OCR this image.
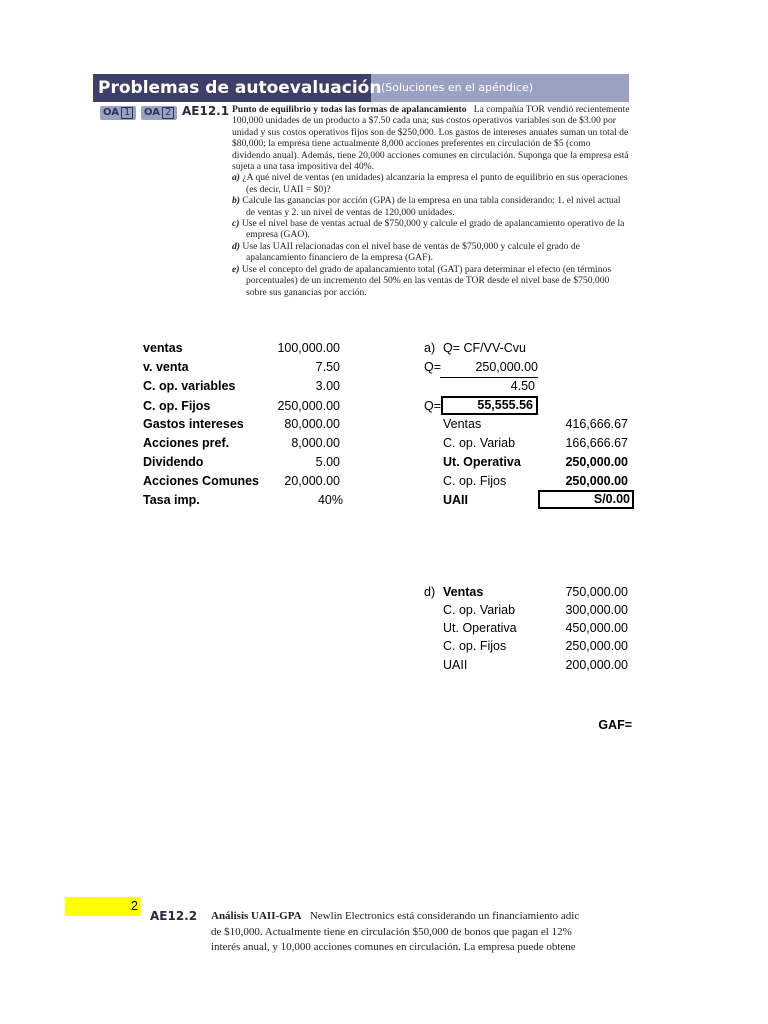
Problemas de autoevaluación (Soluciones en el apéndice)
OA 1	OA 2 AE12.1 Punto de equilibrio y todas las formas de apalancamiento La compañía TOR vendió recientemente 100,000 unidades de un producto a $7.50 cada una; sus costos operativos variables son de $3.00 por unidad y sus costos operativos fijos son de $250,000. Los gastos de intereses anuales suman un total de $80,000; la empresa tiene actualmente 8,000 acciones preferentes en circulación de $5 (como dividendo anual). Además, tiene 20,000 acciones comunes en circulación. Suponga que la empresa está sujeta a una tasa impositiva del 40%.

a) ¿A qué nivel de ventas (en unidades) alcanzaría la empresa el punto de equilibrio en sus operaciones (es decir, UAII = $0)?

b) Calcule las ganancias por acción (GPA) de la empresa en una tabla considerando: 1. el nivel actual de ventas y 2. un nivel de ventas de 120,000 unidades.

c) Use el nivel base de ventas actual de $750,000 y calcule el grado de apalancamiento operativo de la empresa (GAO).

d) Use las UAII relacionadas con el nivel base de ventas de $750,000 y calcule el grado de apalancamiento financiero de la empresa (GAF).

e) Use el concepto del grado de apalancamiento total (GAT) para determinar el efecto (en términos porcentuales) de un incremento del 50% en las ventas de TOR desde el nivel base de $750,000 sobre sus ganancias por acción.

ventas	100,000.00
v. venta	7.50
C. op. variables	3.00
C. op. Fijos	250,000.00
Gastos intereses	80,000.00
Acciones pref.	8,000.00
Dividendo	5.00
Acciones Comunes	20,000.00
Tasa imp.	40%
a) Q= CF/VV-Cvu
Q=	250,000.00
4.50
Q=	55,555.56
Ventas	416,666.67
C. op. Variab	166,666.67
Ut. Operativa	250,000.00
C. op. Fijos	250,000.00
UAII	S/0.00
d) Ventas	750,000.00
C. op. Variab	300,000.00
Ut. Operativa	450,000.00
C. op. Fijos	250,000.00
UAII	200,000.00
GAF=
2
AE12.2 Análisis UAII-GPA Newlin Electronics está considerando un financiamiento adic
de $10,000. Actualmente tiene en circulación $50,000 de bonos que pagan el 12%
interés anual, y 10,000 acciones comunes en circulación. La empresa puede obtene
